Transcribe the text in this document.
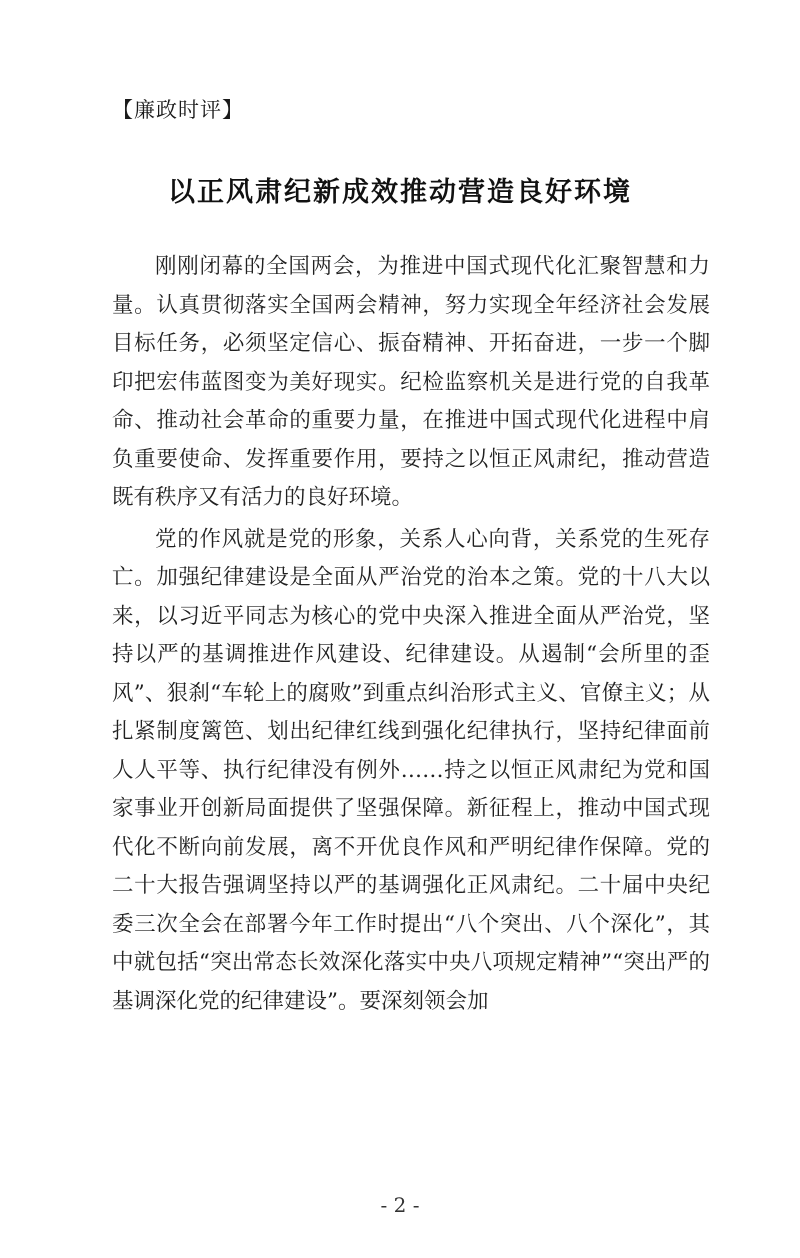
【廉政时评】
以正风肃纪新成效推动营造良好环境

刚刚闭幕的全国两会，为推进中国式现代化汇聚智慧和力量。认真贯彻落实全国两会精神，努力实现全年经济社会发展目标任务，必须坚定信心、振奋精神、开拓奋进，一步一个脚印把宏伟蓝图变为美好现实。纪检监察机关是进行党的自我革命、推动社会革命的重要力量，在推进中国式现代化进程中肩负重要使命、发挥重要作用，要持之以恒正风肃纪，推动营造既有秩序又有活力的良好环境。

党的作风就是党的形象，关系人心向背，关系党的生死存亡。加强纪律建设是全面从严治党的治本之策。党的十八大以来，以习近平同志为核心的党中央深入推进全面从严治党，坚持以严的基调推进作风建设、纪律建设。从遏制“会所里的歪风”、狠刹“车轮上的腐败”到重点纠治形式主义、官僚主义；从扎紧制度篱笆、划出纪律红线到强化纪律执行，坚持纪律面前人人平等、执行纪律没有例外……持之以恒正风肃纪为党和国家事业开创新局面提供了坚强保障。新征程上，推动中国式现代化不断向前发展，离不开优良作风和严明纪律作保障。党的二十大报告强调坚持以严的基调强化正风肃纪。二十届中央纪委三次全会在部署今年工作时提出“八个突出、八个深化”，其中就包括“突出常态长效深化落实中央八项规定精神”“突出严的基调深化党的纪律建设”。要深刻领会加

- 2 -
